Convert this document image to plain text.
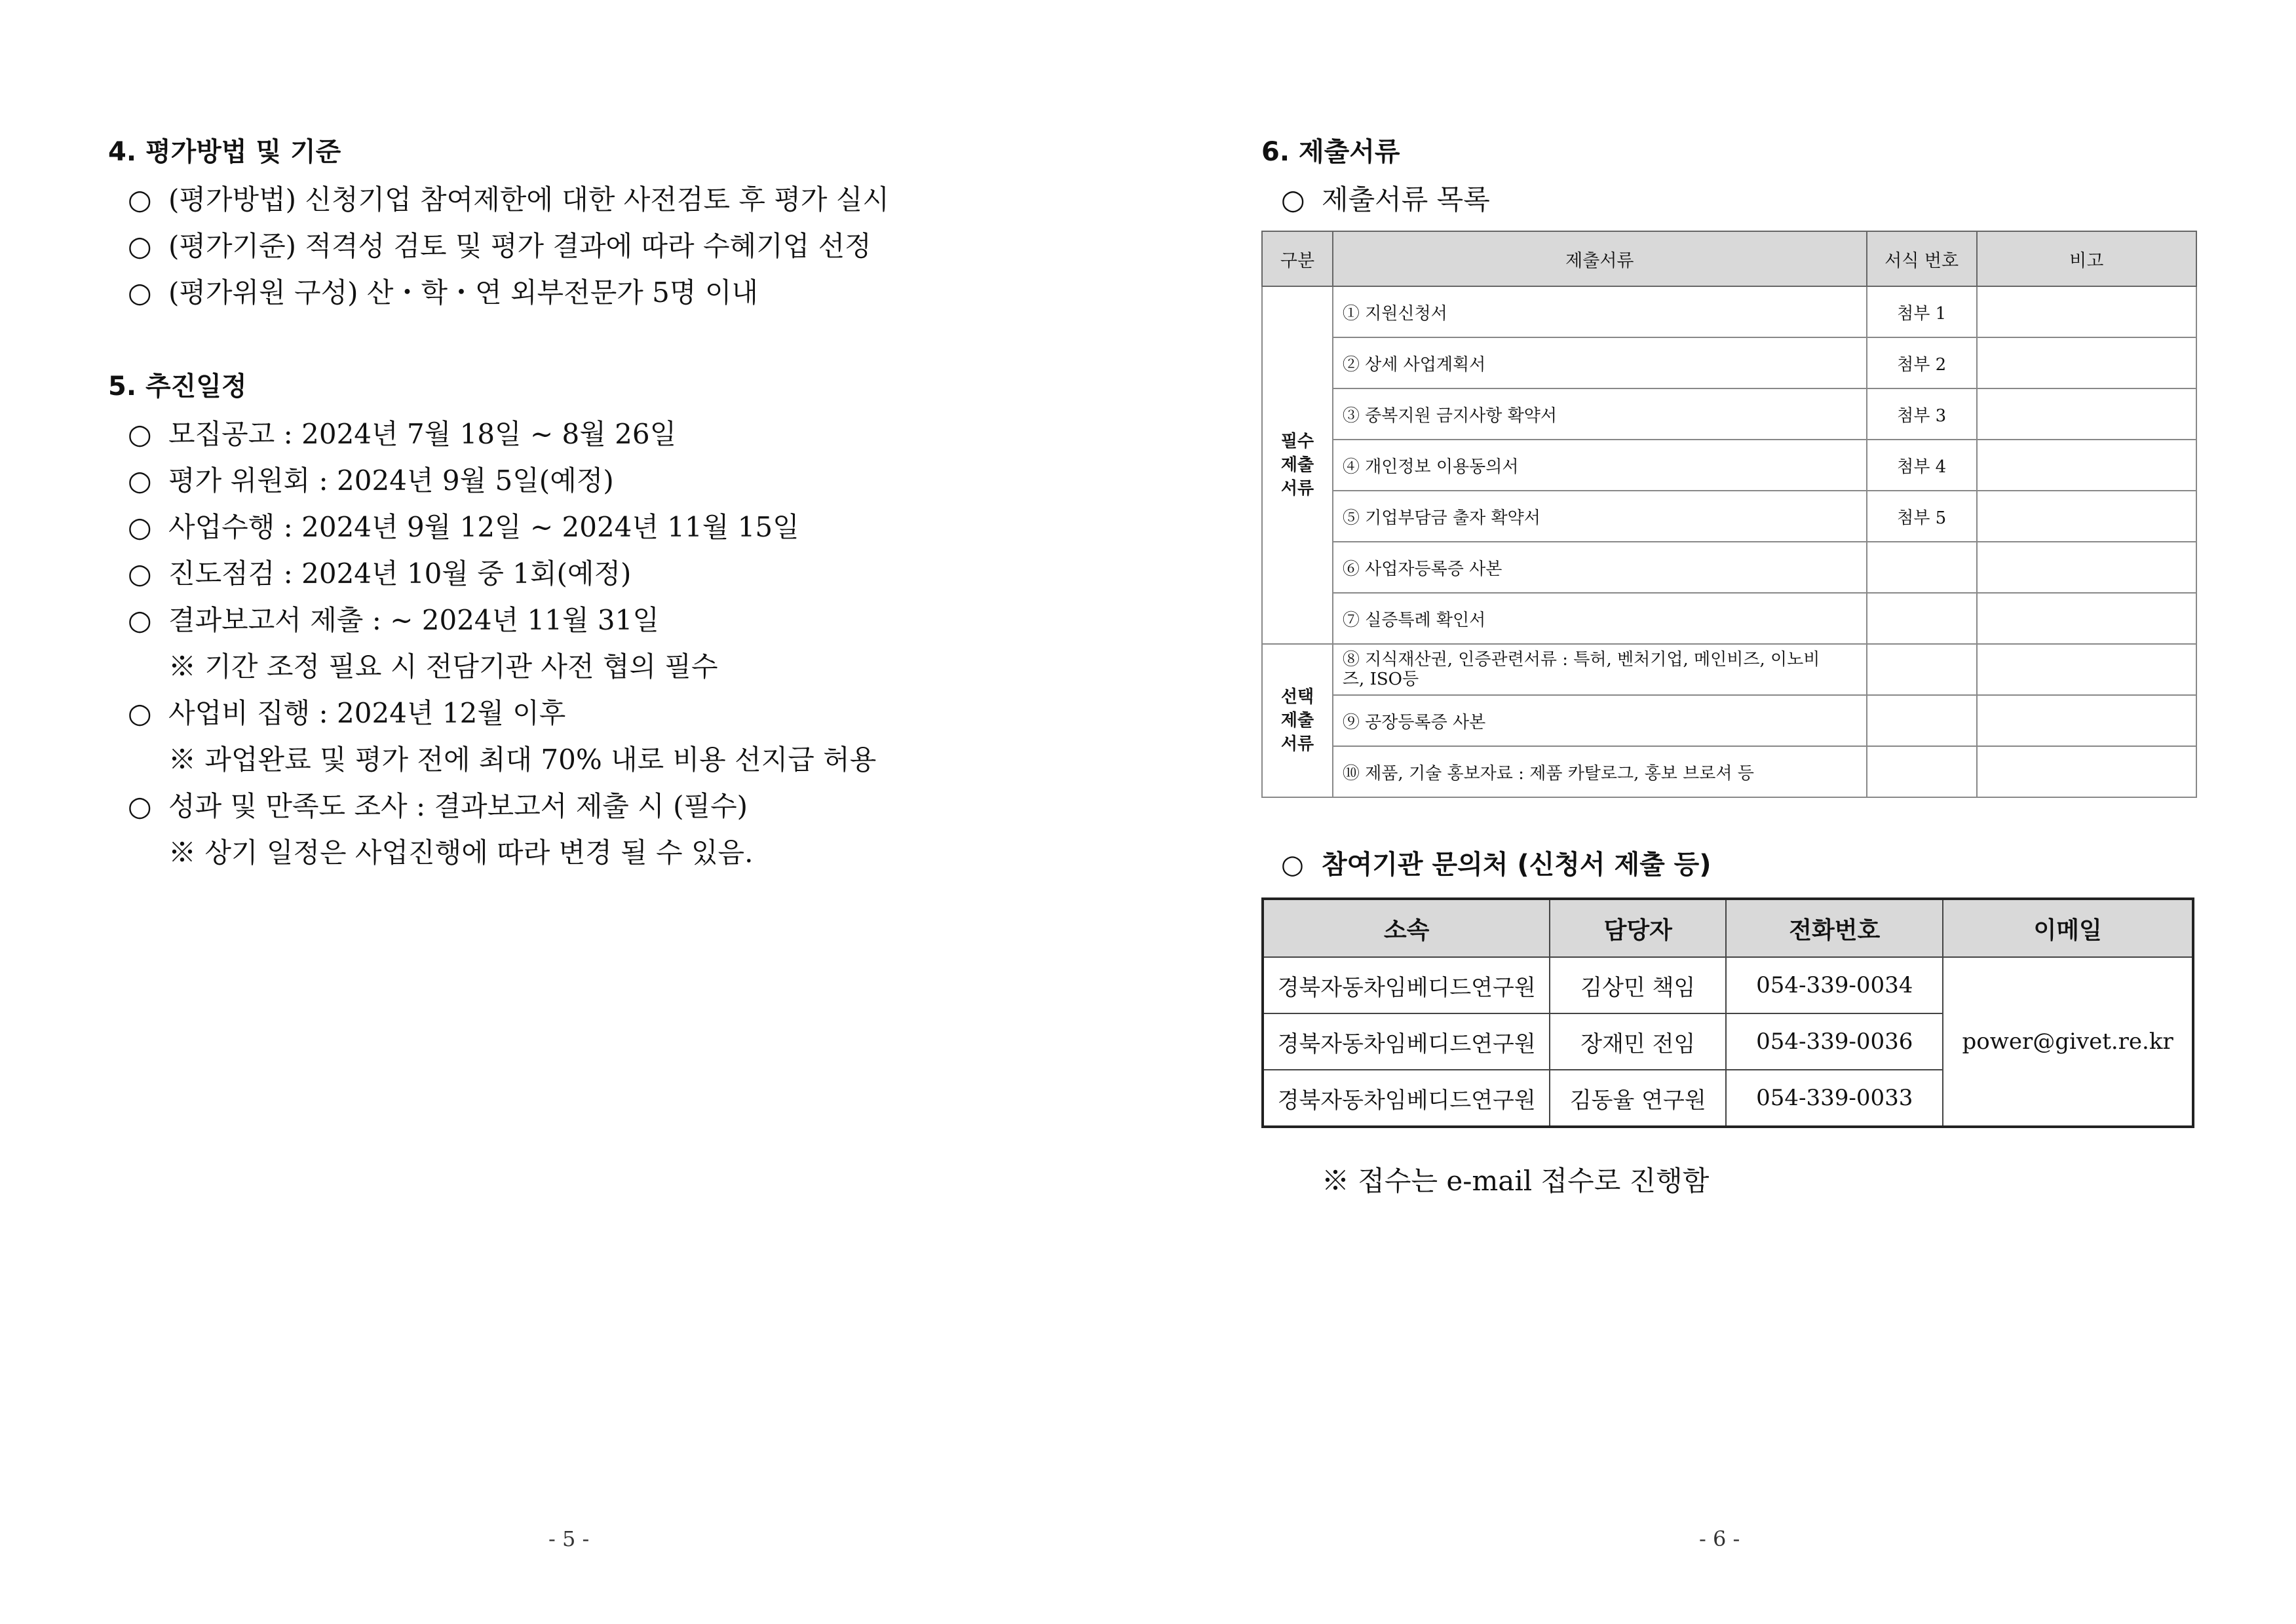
4. 평가방법 및 기준
○ (평가방법) 신청기업 참여제한에 대한 사전검토 후 평가 실시
○ (평가기준) 적격성 검토 및 평가 결과에 따라 수혜기업 선정
○ (평가위원 구성) 산・학・연 외부전문가 5명 이내
5. 추진일정
○ 모집공고 : 2024년 7월 18일 ~ 8월 26일
○ 평가 위원회 : 2024년 9월 5일(예정)
○ 사업수행 : 2024년 9월 12일 ~ 2024년 11월 15일
○ 진도점검 : 2024년 10월 중 1회(예정)
○ 결과보고서 제출 : ~ 2024년 11월 31일
※ 기간 조정 필요 시 전담기관 사전 협의 필수
○ 사업비 집행 : 2024년 12월 이후
※ 과업완료 및 평가 전에 최대 70% 내로 비용 선지급 허용
○ 성과 및 만족도 조사 : 결과보고서 제출 시 (필수)
※ 상기 일정은 사업진행에 따라 변경 될 수 있음.
- 5 -
6. 제출서류
○ 제출서류 목록
구분	제출서류	서식 번호	비고
필수 제출 서류	① 지원신청서	첨부 1	
	② 상세 사업계획서	첨부 2	
	③ 중복지원 금지사항 확약서	첨부 3	
	④ 개인정보 이용동의서	첨부 4	
	⑤ 기업부담금 출자 확약서	첨부 5	
	⑥ 사업자등록증 사본		
	⑦ 실증특례 확인서		
선택 제출 서류	⑧ 지식재산권, 인증관련서류 : 특허, 벤처기업, 메인비즈, 이노비즈, ISO등		
	⑨ 공장등록증 사본		
	⑩ 제품, 기술 홍보자료 : 제품 카탈로그, 홍보 브로셔 등		
○ 참여기관 문의처 (신청서 제출 등)
소속	담당자	전화번호	이메일
경북자동차임베디드연구원	김상민 책임	054-339-0034	power@givet.re.kr
경북자동차임베디드연구원	장재민 전임	054-339-0036	
경북자동차임베디드연구원	김동율 연구원	054-339-0033	
※ 접수는 e-mail 접수로 진행함
- 6 -
